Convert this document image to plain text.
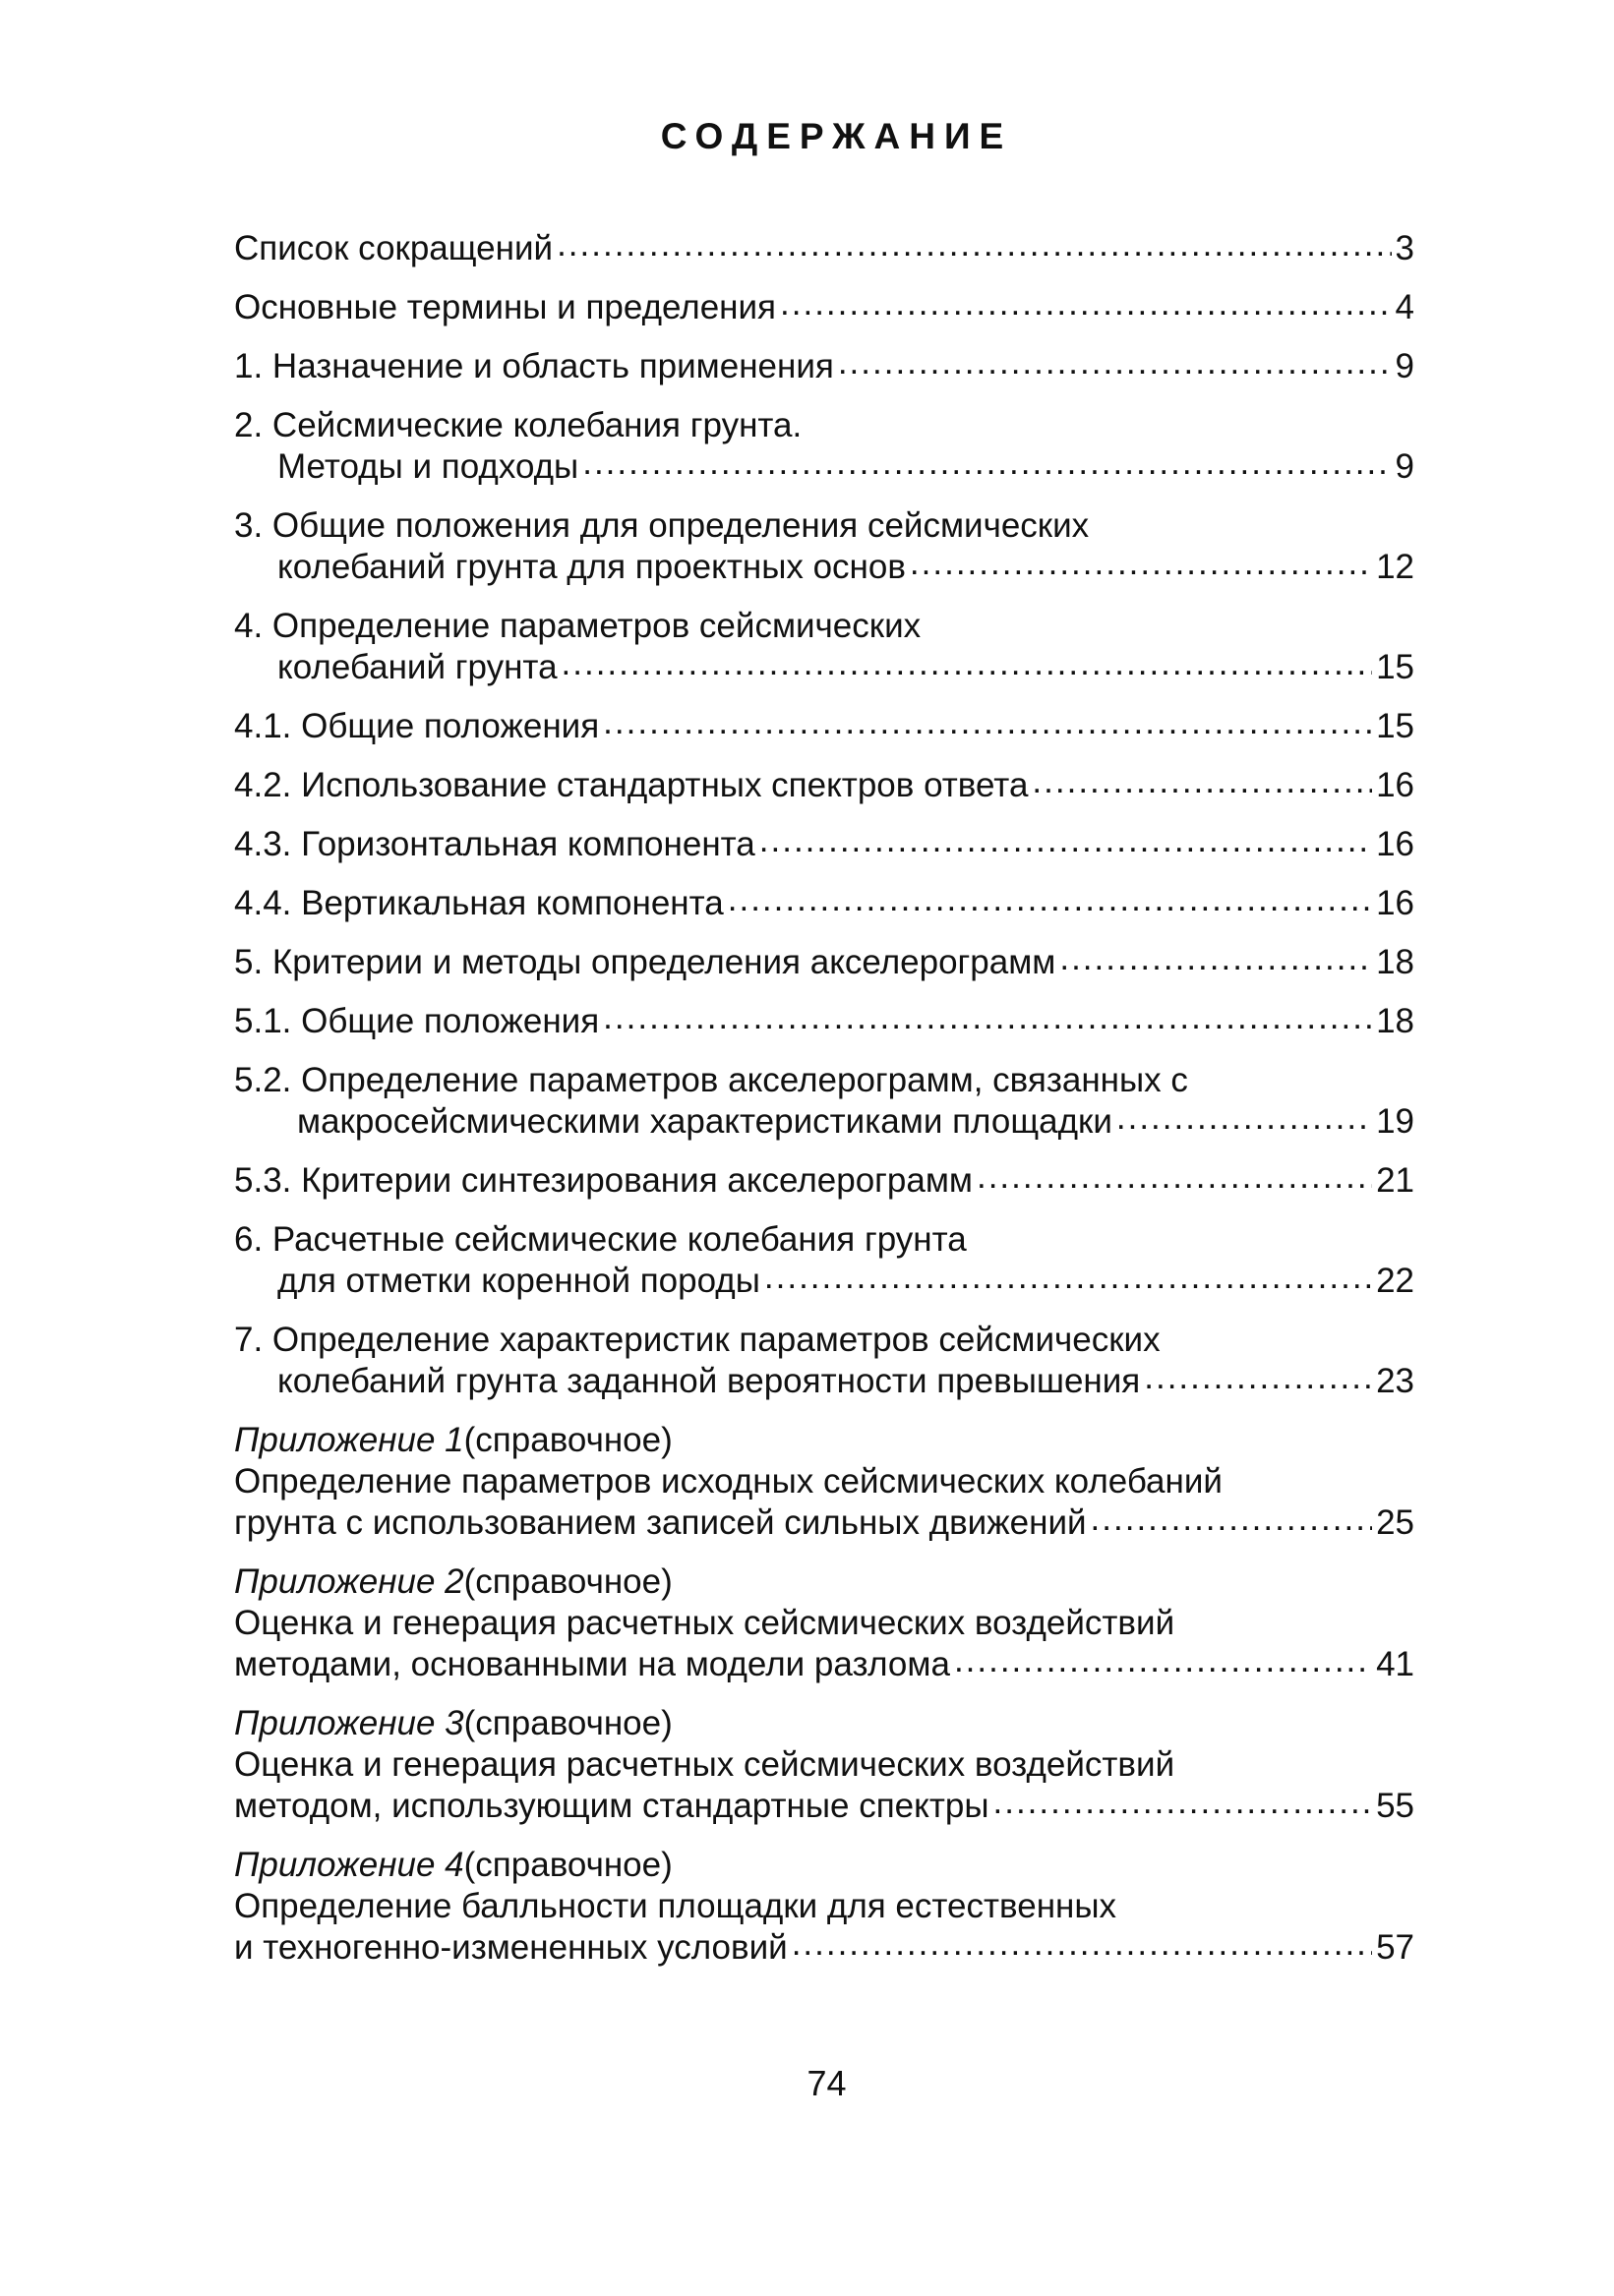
СОДЕРЖАНИЕ
Список сокращений .....	3
Основные термины и пределения .....	4
1. Назначение и область применения .....	9
2. Сейсмические колебания грунта.
Методы и подходы .....	9
3. Общие положения для определения сейсмических
колебаний грунта для проектных основ .....	12
4. Определение параметров сейсмических
колебаний грунта .....	15
4.1. Общие положения .....	15
4.2. Использование стандартных спектров ответа .....	16
4.3. Горизонтальная компонента .....	16
4.4. Вертикальная компонента .....	16
5. Критерии и методы определения акселерограмм .....	18
5.1. Общие положения .....	18
5.2. Определение параметров акселерограмм, связанных с
макросейсмическими характеристиками площадки .....	19
5.3. Критерии синтезирования акселерограмм .....	21
6. Расчетные сейсмические колебания грунта
для отметки коренной породы .....	22
7. Определение характеристик параметров сейсмических
колебаний грунта заданной вероятности превышения .....	23
Приложение 1 (справочное)
Определение параметров исходных сейсмических колебаний
грунта с использованием записей сильных движений .....	25
Приложение 2 (справочное)
Оценка и генерация расчетных сейсмических воздействий
методами, основанными на модели разлома .....	41
Приложение 3 (справочное)
Оценка и генерация расчетных сейсмических воздействий
методом, использующим стандартные спектры .....	55
Приложение 4 (справочное)
Определение балльности площадки для естественных
и техногенно-измененных условий .....	57
74
